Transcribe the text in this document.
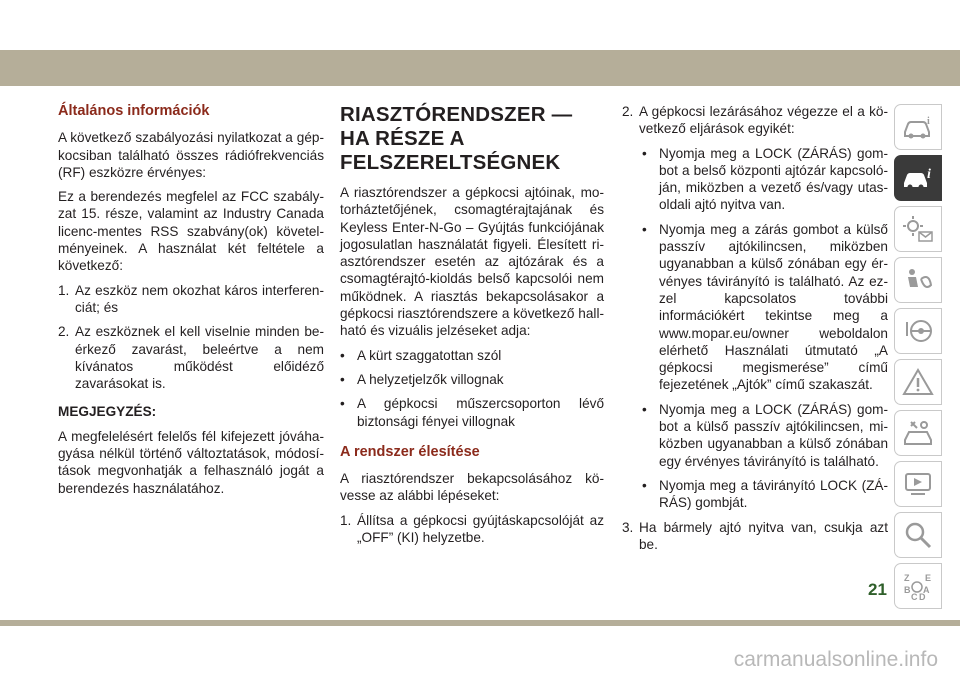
Általános információk

A következő szabályozási nyilatkozat a gépkocsiban található összes rádiófrekvenciás (RF) eszközre érvényes:

Ez a berendezés megfelel az FCC szabályzat 15. része, valamint az Industry Canada licenc-mentes RSS szabvány(ok) követelményeinek. A használat két feltétele a következő:

1. Az eszköz nem okozhat káros interferenciát; és
2. Az eszköznek el kell viselnie minden beérkező zavarást, beleértve a nem kívánatos működést előidéző zavarásokat is.

MEGJEGYZÉS:

A megfelelésért felelős fél kifejezett jóváhagyása nélkül történő változtatások, módosítások megvonhatják a felhasználó jogát a berendezés használatához.

RIASZTÓRENDSZER — HA RÉSZE A FELSZERELTSÉGNEK

A riasztórendszer a gépkocsi ajtóinak, motorháztetőjének, csomagtérajtajának és Keyless Enter-N-Go – Gyújtás funkciójának jogosulatlan használatát figyeli. Élesített riasztórendszer esetén az ajtózárak és a csomagtérajtó-kioldás belső kapcsolói nem működnek. A riasztás bekapcsolásakor a gépkocsi riasztórendszere a következő hallható és vizuális jelzéseket adja:

• A kürt szaggatottan szól
• A helyzetjelzők villognak
• A gépkocsi műszercsoporton lévő biztonsági fényei villognak
A rendszer élesítése

A riasztórendszer bekapcsolásához kövesse az alábbi lépéseket:

1. Állítsa a gépkocsi gyújtáskapcsolóját az „OFF” (KI) helyzetbe.
2. A gépkocsi lezárásához végezze el a következő eljárások egyikét:
• Nyomja meg a LOCK (ZÁRÁS) gombot a belső központi ajtózár kapcsolóján, miközben a vezető és/vagy utasoldali ajtó nyitva van.
• Nyomja meg a zárás gombot a külső passzív ajtókilincsen, miközben ugyanabban a külső zónában egy érvényes távirányító is található. Az ezzel kapcsolatos további információkért tekintse meg a www.mopar.eu/owner weboldalon elérhető Használati útmutató „A gépkocsi megismerése” című fejezetének „Ajtók” című szakaszát.
• Nyomja meg a LOCK (ZÁRÁS) gombot a külső passzív ajtókilincsen, miközben ugyanabban a külső zónában egy érvényes távirányító is található.
• Nyomja meg a távirányító LOCK (ZÁRÁS) gombját.
3. Ha bármely ajtó nyitva van, csukja azt be.
i
i
Z E
B A
C D
21
carmanualsonline.info
